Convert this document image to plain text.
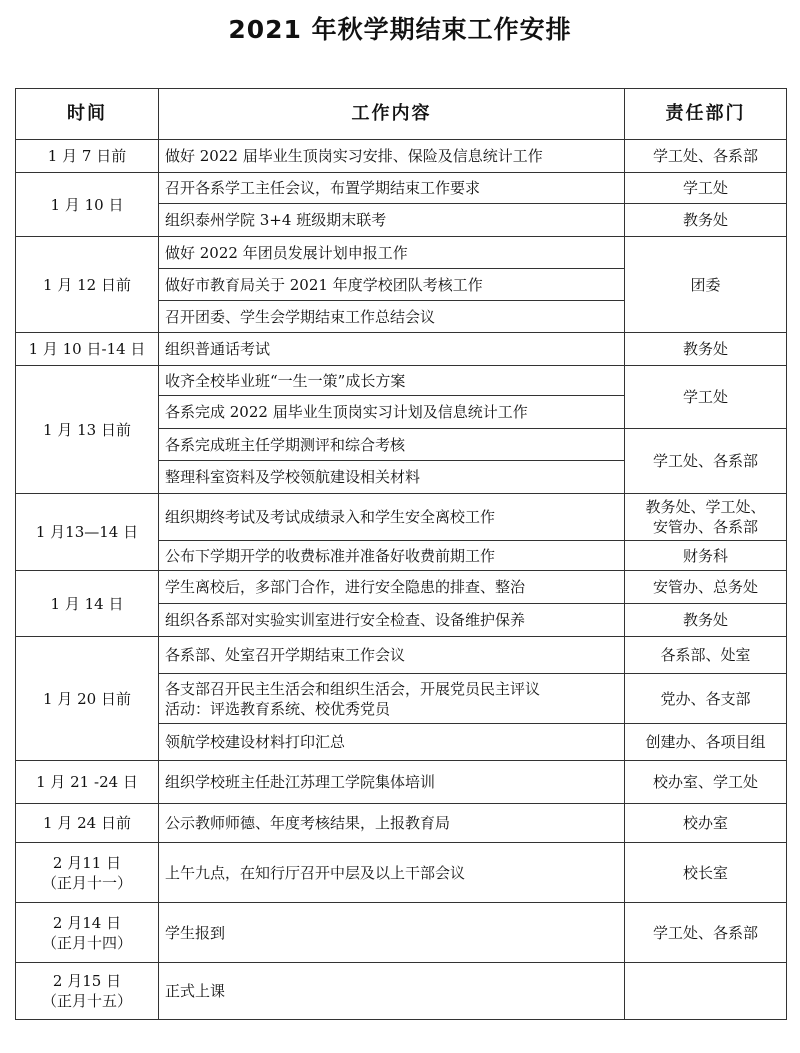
2021 年秋学期结束工作安排
时间	工作内容	责任部门
1 月 7 日前	做好 2022 届毕业生顶岗实习安排、保险及信息统计工作	学工处、各系部
1 月 10 日	召开各系学工主任会议，布置学期结束工作要求	学工处
	组织泰州学院 3+4 班级期末联考	教务处
1 月 12 日前	做好 2022 年团员发展计划申报工作	团委
	做好市教育局关于 2021 年度学校团队考核工作	
	召开团委、学生会学期结束工作总结会议	
1 月 10 日-14 日	组织普通话考试	教务处
1 月 13 日前	收齐全校毕业班“一生一策”成长方案	学工处
	各系完成 2022 届毕业生顶岗实习计划及信息统计工作	
	各系完成班主任学期测评和综合考核	学工处、各系部
	整理科室资料及学校领航建设相关材料	
1 月13—14 日	组织期终考试及考试成绩录入和学生安全离校工作	教务处、学工处、
安管办、各系部

	公布下学期开学的收费标准并准备好收费前期工作	财务科
1 月 14 日	学生离校后，多部门合作，进行安全隐患的排查、整治	安管办、总务处
	组织各系部对实验实训室进行安全检查、设备维护保养	教务处
1 月 20 日前	各系部、处室召开学期结束工作会议	各系部、处室

	各支部召开民主生活会和组织生活会，开展党员民主评议
活动：评选教育系统、校优秀党员	党办、各支部
	领航学校建设材料打印汇总	创建办、各项目组
1 月 21 -24 日	组织学校班主任赴江苏理工学院集体培训	校办室、学工处
1 月 24 日前	公示教师师德、年度考核结果，上报教育局	校办室

2 月11 日
（正月十一）	上午九点，在知行厅召开中层及以上干部会议	校长室

2 月14 日
（正月十四）	学生报到	学工处、各系部

2 月15 日
（正月十五）	正式上课	
